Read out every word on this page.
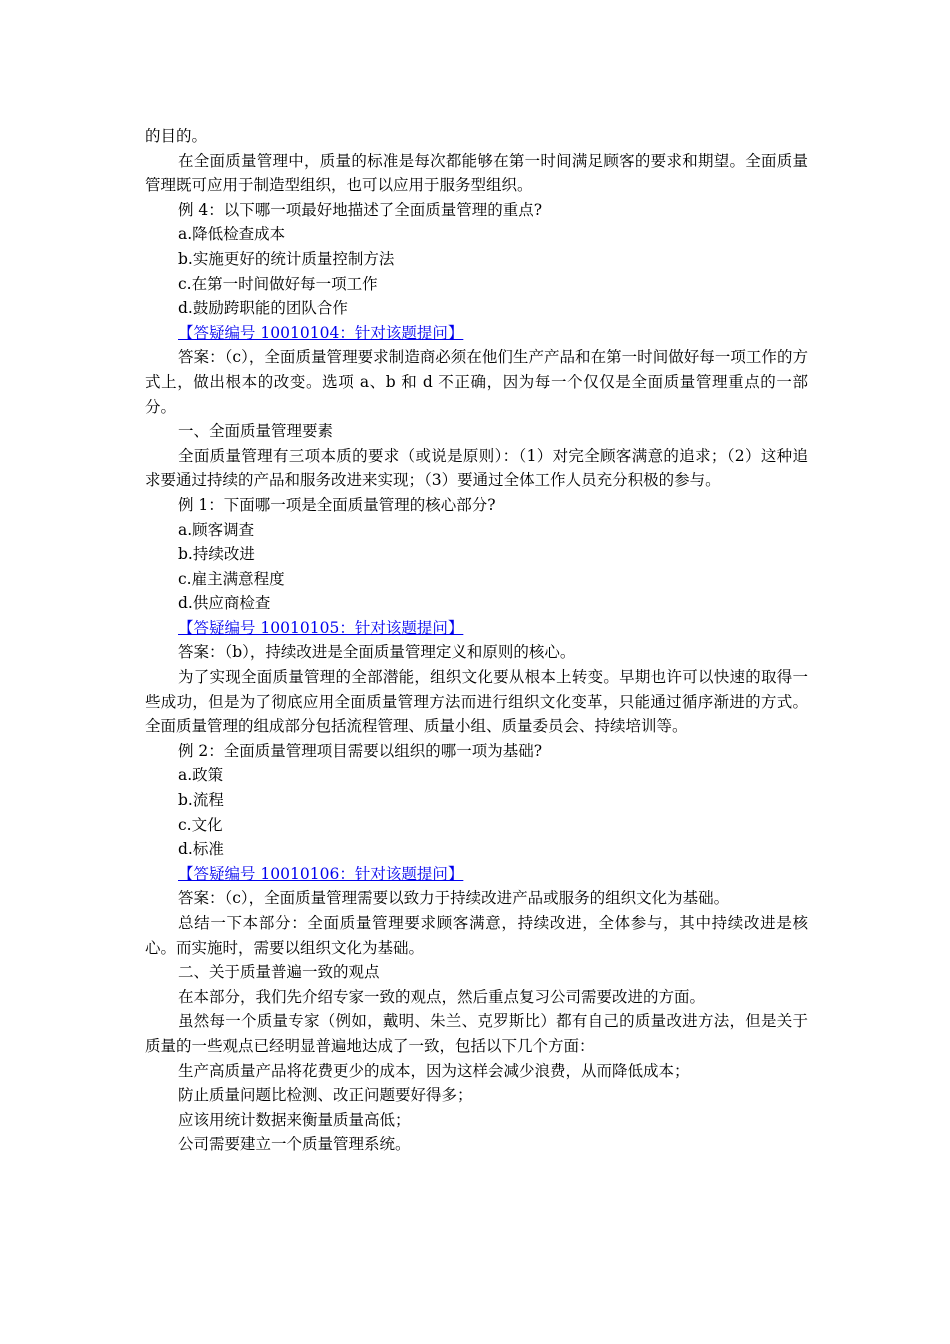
的目的。

在全面质量管理中，质量的标准是每次都能够在第一时间满足顾客的要求和期望。全面质量管理既可应用于制造型组织，也可以应用于服务型组织。

例 4：以下哪一项最好地描述了全面质量管理的重点?

a.降低检查成本

b.实施更好的统计质量控制方法

c.在第一时间做好每一项工作

d.鼓励跨职能的团队合作

【答疑编号 10010104：针对该题提问】

答案：（c），全面质量管理要求制造商必须在他们生产产品和在第一时间做好每一项工作的方式上，做出根本的改变。选项 a、b 和 d 不正确，因为每一个仅仅是全面质量管理重点的一部分。

一、全面质量管理要素

全面质量管理有三项本质的要求（或说是原则）：（1）对完全顾客满意的追求；（2）这种追求要通过持续的产品和服务改进来实现；（3）要通过全体工作人员充分积极的参与。

例 1：下面哪一项是全面质量管理的核心部分?

a.顾客调查

b.持续改进

c.雇主满意程度

d.供应商检查

【答疑编号 10010105：针对该题提问】

答案：（b），持续改进是全面质量管理定义和原则的核心。

为了实现全面质量管理的全部潜能，组织文化要从根本上转变。早期也许可以快速的取得一些成功，但是为了彻底应用全面质量管理方法而进行组织文化变革，只能通过循序渐进的方式。全面质量管理的组成部分包括流程管理、质量小组、质量委员会、持续培训等。

例 2：全面质量管理项目需要以组织的哪一项为基础?

a.政策

b.流程

c.文化

d.标准

【答疑编号 10010106：针对该题提问】

答案：（c），全面质量管理需要以致力于持续改进产品或服务的组织文化为基础。

总结一下本部分：全面质量管理要求顾客满意，持续改进，全体参与，其中持续改进是核心。而实施时，需要以组织文化为基础。

二、关于质量普遍一致的观点

在本部分，我们先介绍专家一致的观点，然后重点复习公司需要改进的方面。

虽然每一个质量专家（例如，戴明、朱兰、克罗斯比）都有自己的质量改进方法，但是关于质量的一些观点已经明显普遍地达成了一致，包括以下几个方面：

生产高质量产品将花费更少的成本，因为这样会减少浪费，从而降低成本；

防止质量问题比检测、改正问题要好得多；

应该用统计数据来衡量质量高低；

公司需要建立一个质量管理系统。
